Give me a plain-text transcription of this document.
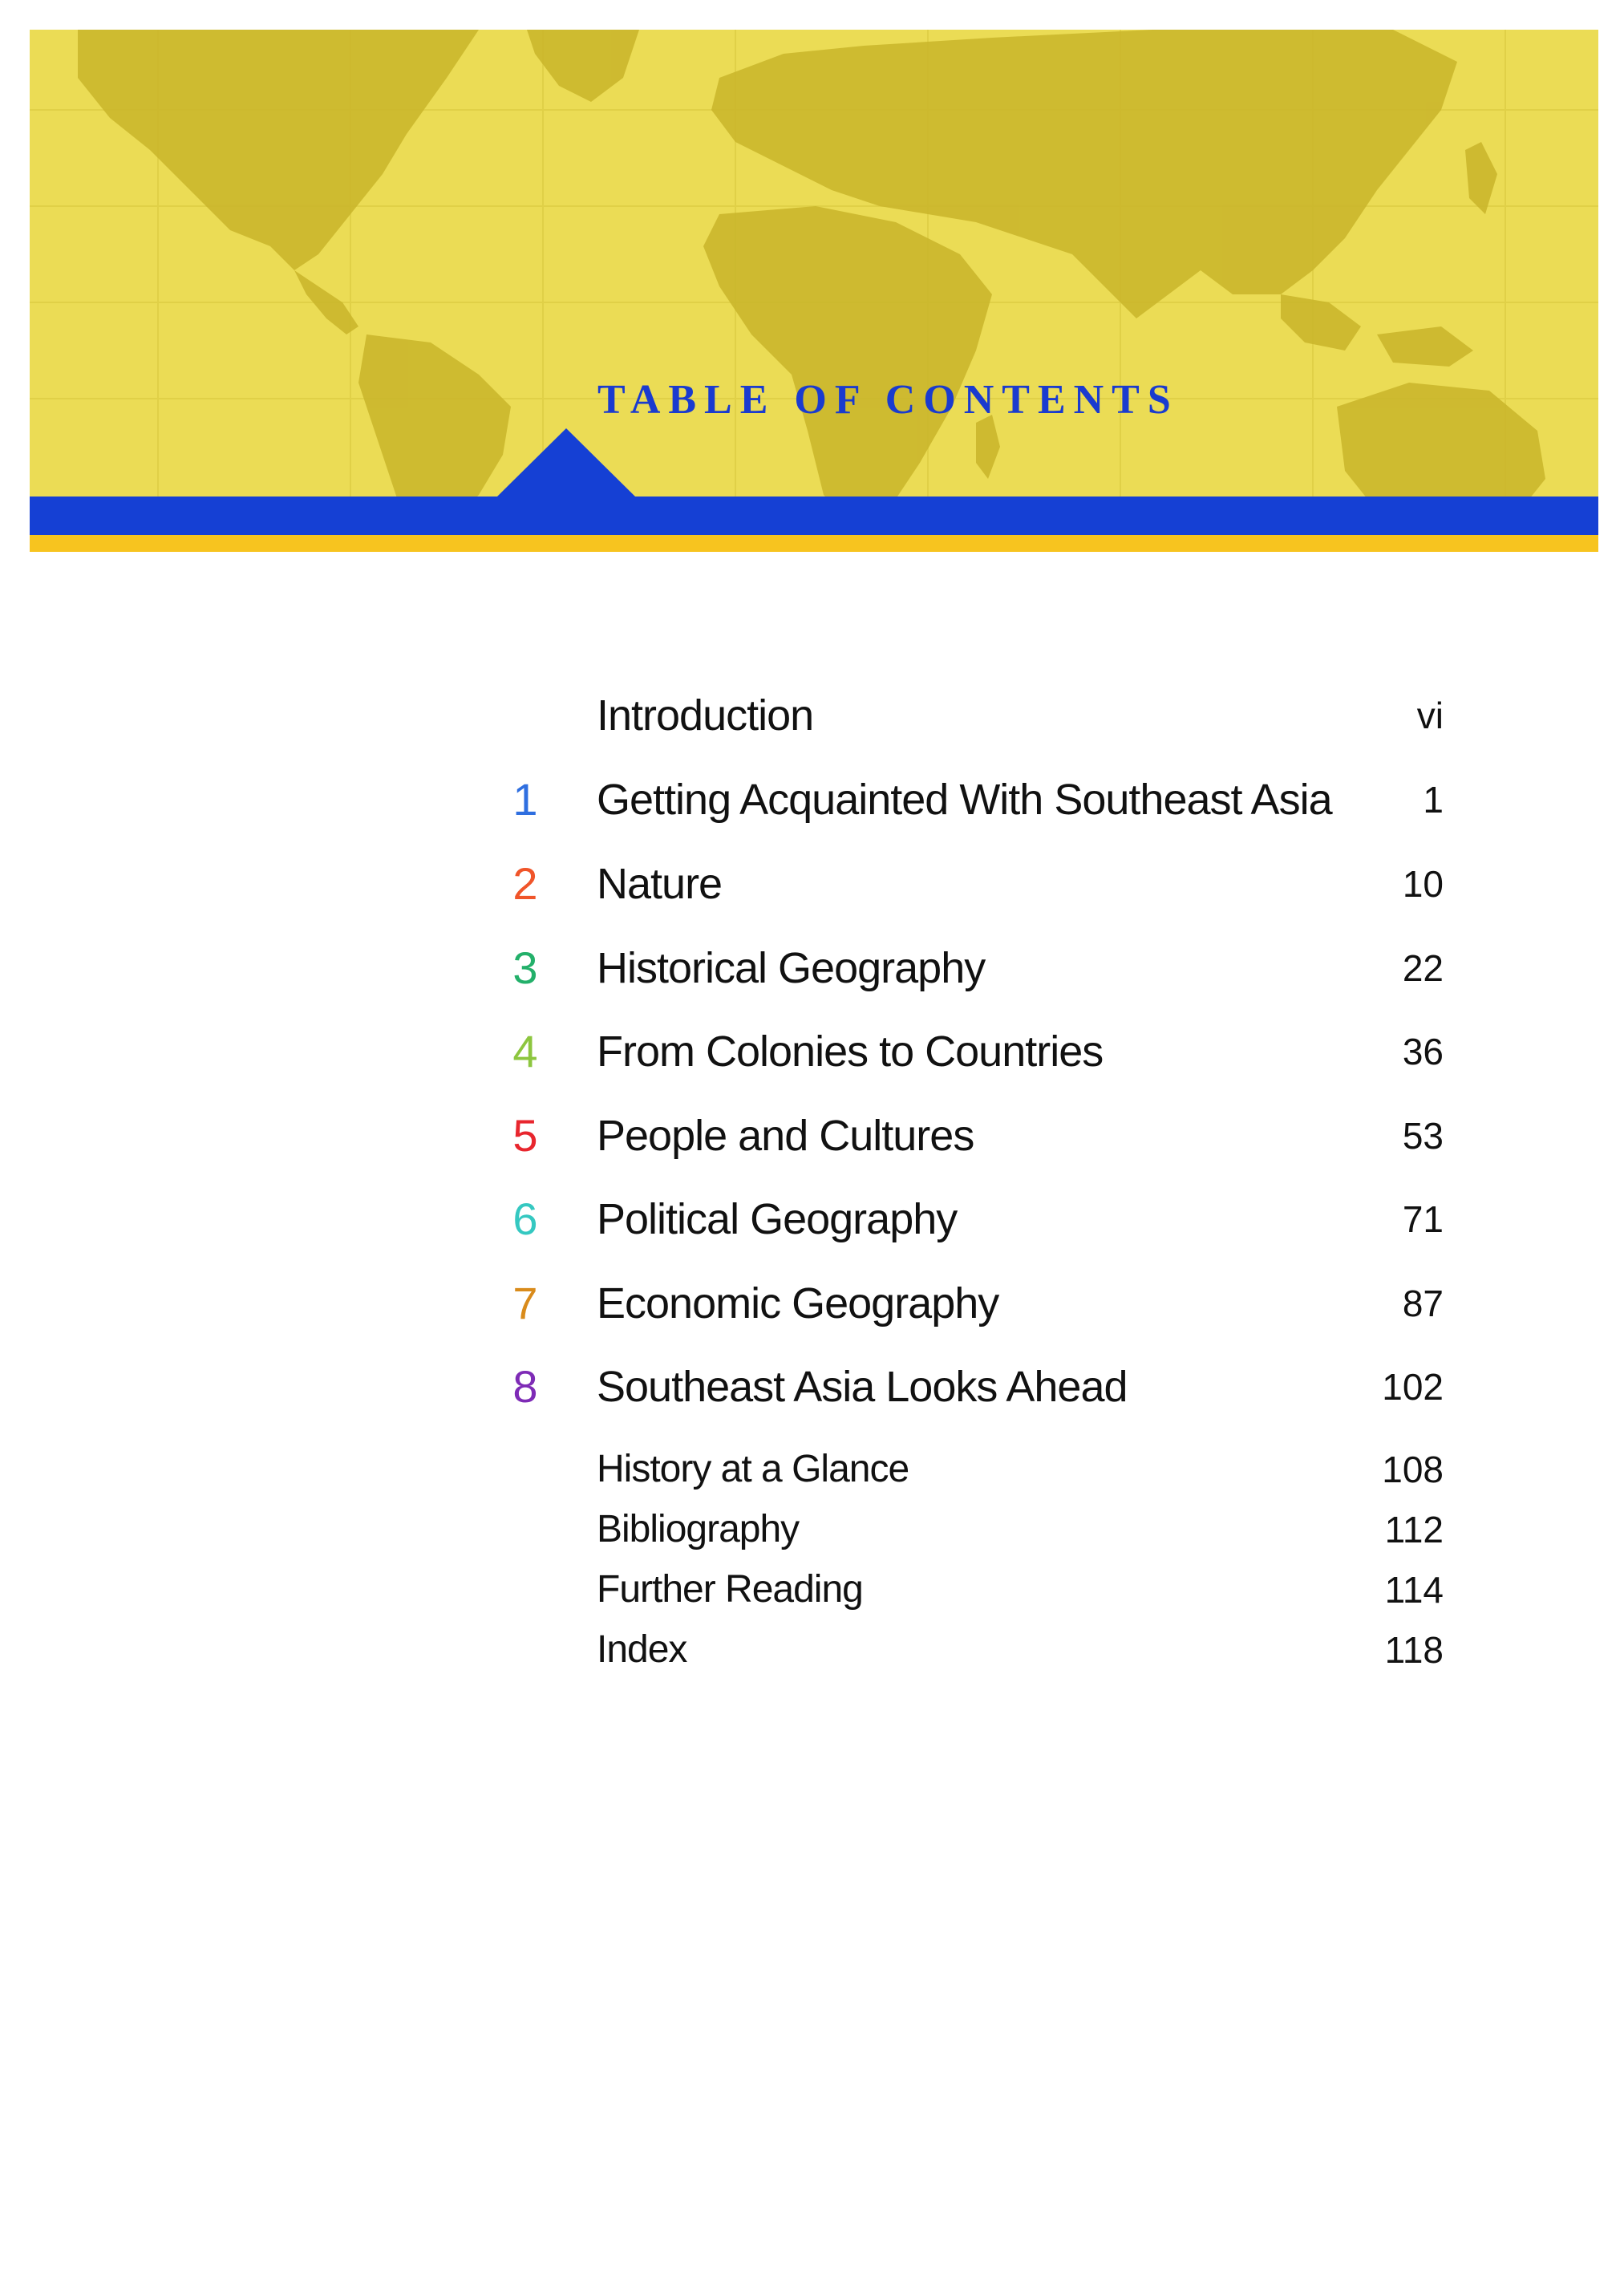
TABLE OF CONTENTS
Introduction	vi
1	Getting Acquainted With Southeast Asia 1
2	Nature	10
3	Historical Geography	22
4	From Colonies to Countries	36
5	People and Cultures	53
6	Political Geography	71
7	Economic Geography	87
8	Southeast Asia Looks Ahead	102
History at a Glance	108
Bibliography	112
Further Reading	114
Index	118
